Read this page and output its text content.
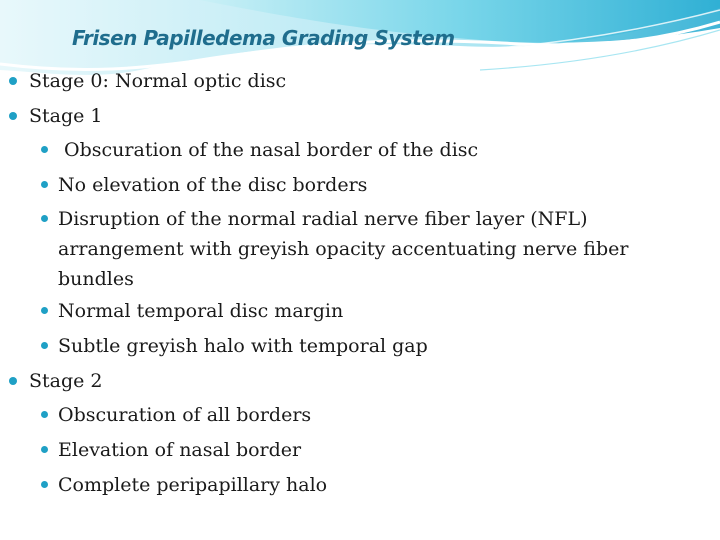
Frisen Papilledema Grading System
Stage 0: Normal optic disc
Stage 1
Obscuration of the nasal border of the disc
No elevation of the disc borders
Disruption of the normal radial nerve fiber layer (NFL) arrangement with greyish opacity accentuating nerve fiber bundles
Normal temporal disc margin
Subtle greyish halo with temporal gap
Stage 2
Obscuration of all borders
Elevation of nasal border
Complete peripapillary halo
